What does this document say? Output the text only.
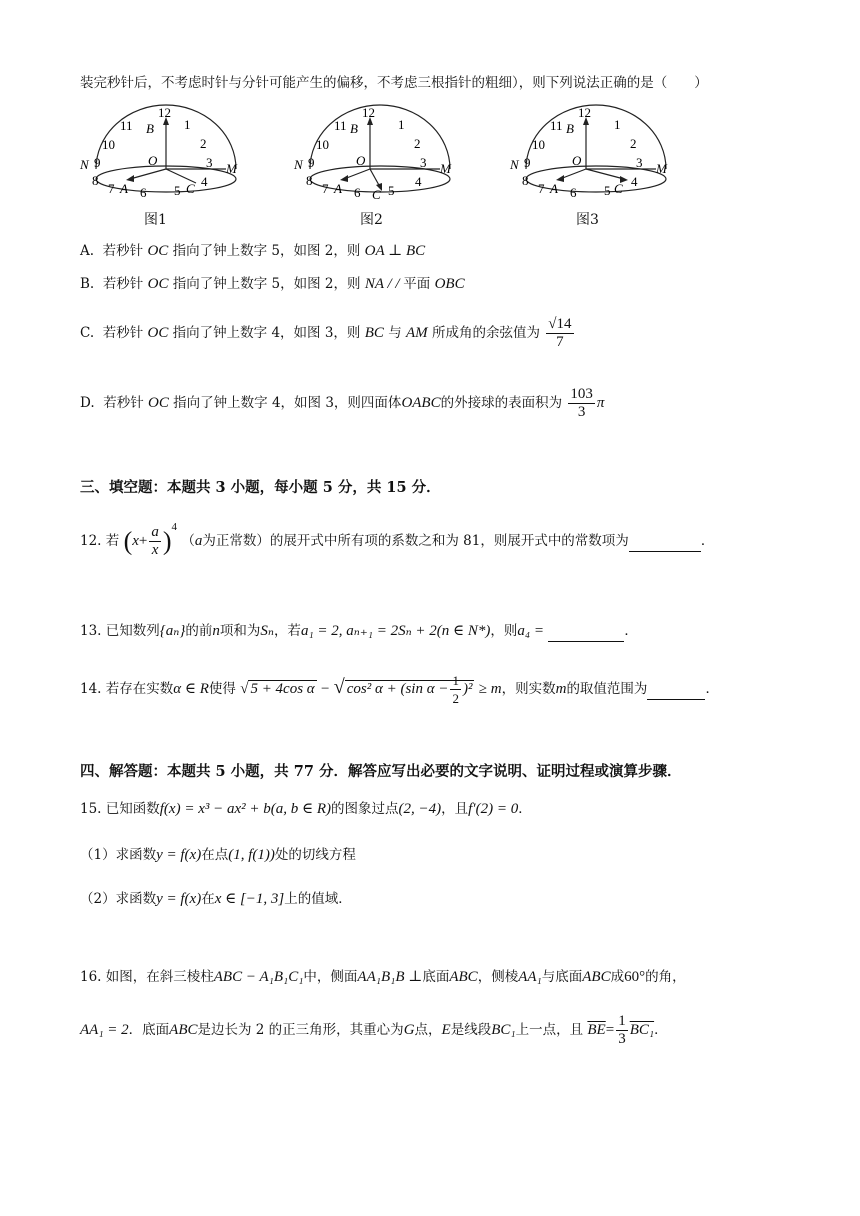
装完秒针后，不考虑时针与分针可能产生的偏移，不考虑三根指针的粗细），则下列说法正确的是（　　）
12
1
2
3
4
5
6
7
8
9
10
11 B
O
N	M
A	C
图1
12
1
2
3
4
5
6
7
8
9
10
11 B
O
N	M
A C
图2
12
1
2
3
4
5
6
7
8
9
10
11 B
O
N	M
A	C
图3
A. 若秒针 OC 指向了钟上数字 5，如图 2，则 OA ⊥ BC
B. 若秒针 OC 指向了钟上数字 5，如图 2，则 NA / / 平面 OBC
C. 若秒针 OC 指向了钟上数字 4，如图 3，则 BC 与 AM 所成角的余弦值为 $\frac{√14}{7}$
D. 若秒针 OC 指向了钟上数字 4，如图 3，则四面体OABC的外接球的表面积为 $\frac{103}{3}$ π
三、填空题：本题共 3 小题，每小题 5 分，共 15 分．
12. 若 $(x+ \frac{a}{x} )^4$ （a为正常数）的展开式中所有项的系数之和为 81，则展开式中的常数项为	．
13. 已知数列{aₙ}的前n项和为Sₙ，若a₁ = 2, aₙ₊₁ = 2Sₙ + 2(n ∈ N*)，则a₄ =	．
14. 若存在实数α ∈ R使得 √ 5 + 4cos α − √ cos² α + (sin $\alpha - \frac{1}{2} )^2 \ge m$，则实数m的取值范围为	．
四、解答题：本题共 5 小题，共 77 分．解答应写出必要的文字说明、证明过程或演算步骤．
15. 已知函数f(x) = x³ − ax² + b(a, b ∈ R)的图象过点(2, −4)，且f′(2) = 0．
（1）求函数y = f(x)在点(1, f(1))处的切线方程
（2）求函数y = f(x)在x ∈ [−1, 3]上的值域．
16. 如图，在斜三棱柱ABC − A₁B₁C₁中，侧面AA₁B₁B ⊥底面ABC，侧棱AA₁与底面ABC成60°的角，
AA₁ = 2．底面ABC是边长为 2 的正三角形，其重心为G点，E是线段BC₁上一点，且 $\overline{BE}= \frac{1}{3} BC_1$．
